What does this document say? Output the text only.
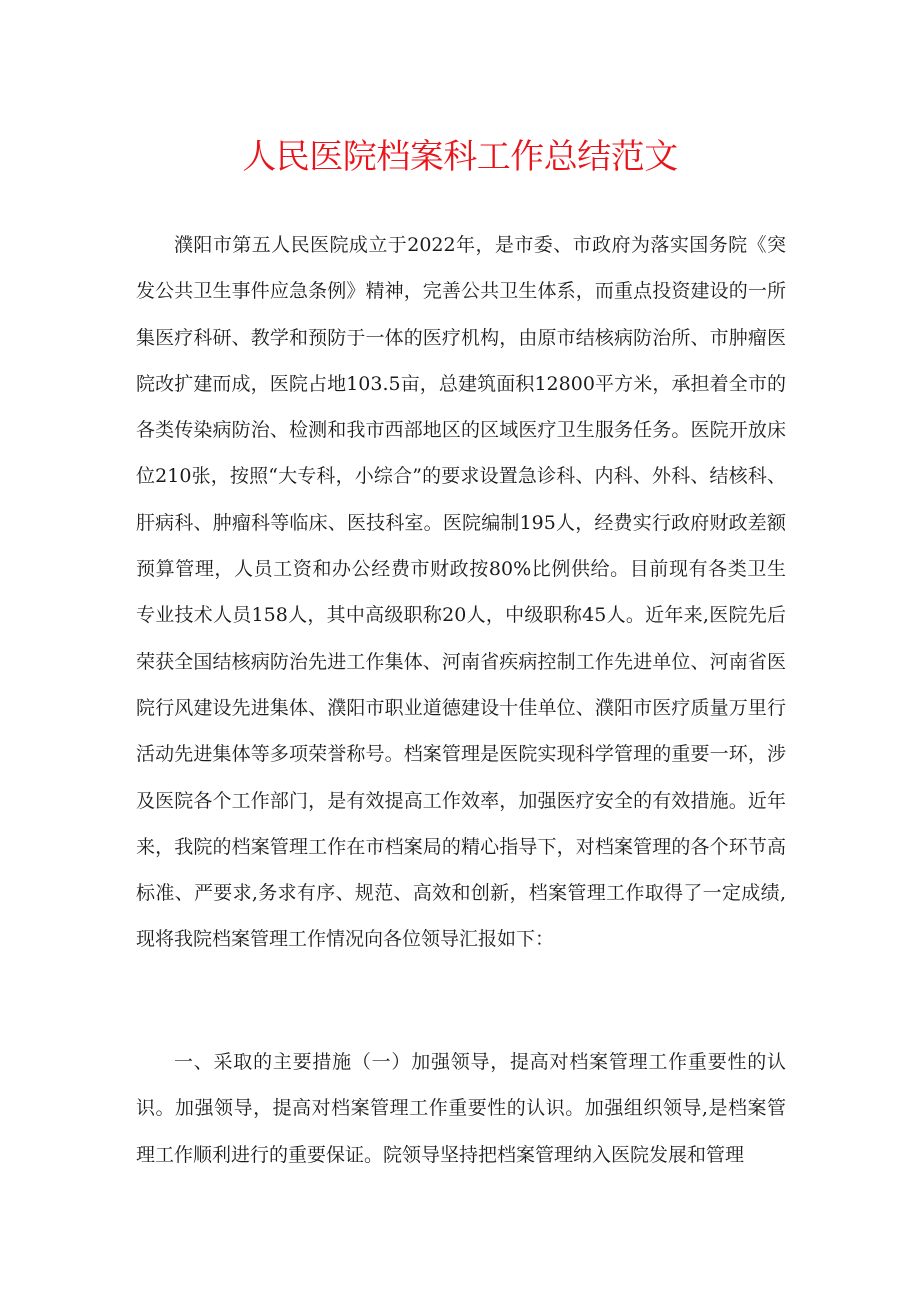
人民医院档案科工作总结范文

濮阳市第五人民医院成立于2022年，是市委、市政府为落实国务院《突发公共卫生事件应急条例》精神，完善公共卫生体系，而重点投资建设的一所集医疗科研、教学和预防于一体的医疗机构，由原市结核病防治所、市肿瘤医院改扩建而成，医院占地103.5亩，总建筑面积12800平方米，承担着全市的各类传染病防治、检测和我市西部地区的区域医疗卫生服务任务。医院开放床位210张，按照“大专科，小综合”的要求设置急诊科、内科、外科、结核科、肝病科、肿瘤科等临床、医技科室。医院编制195人，经费实行政府财政差额预算管理，人员工资和办公经费市财政按80%比例供给。目前现有各类卫生专业技术人员158人，其中高级职称20人，中级职称45人。近年来,医院先后荣获全国结核病防治先进工作集体、河南省疾病控制工作先进单位、河南省医院行风建设先进集体、濮阳市职业道德建设十佳单位、濮阳市医疗质量万里行活动先进集体等多项荣誉称号。档案管理是医院实现科学管理的重要一环，涉及医院各个工作部门，是有效提高工作效率，加强医疗安全的有效措施。近年来，我院的档案管理工作在市档案局的精心指导下，对档案管理的各个环节高标准、严要求,务求有序、规范、高效和创新，档案管理工作取得了一定成绩,现将我院档案管理工作情况向各位领导汇报如下：

一、采取的主要措施（一）加强领导，提高对档案管理工作重要性的认识。加强领导，提高对档案管理工作重要性的认识。加强组织领导,是档案管理工作顺利进行的重要保证。院领导坚持把档案管理纳入医院发展和管理
